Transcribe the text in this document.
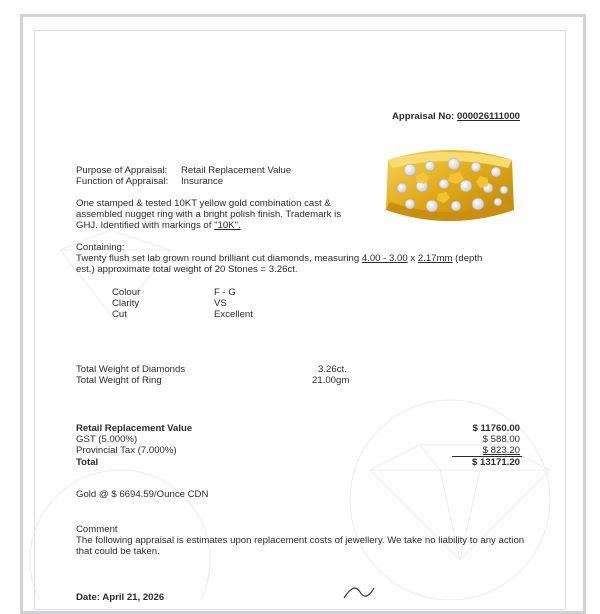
Appraisal No: 000026111000
Purpose of Appraisal: Retail Replacement Value
Function of Appraisal: Insurance
One stamped & tested 10KT yellow gold combination cast &
assembled nugget ring with a bright polish finish. Trademark is
GHJ. Identified with markings of "10K".
Containing:
Twenty flush set lab grown round brilliant cut diamonds, measuring 4.00 - 3.00 x 2.17mm (depth
est.) approximate total weight of 20 Stones = 3.26ct.
Colour	F - G
Clarity	VS
Cut	Excellent
Total Weight of Diamonds	3.26ct.
Total Weight of Ring	21.00gm
Retail Replacement Value	$ 11760.00
GST (5.000%)	$ 588.00
Provincial Tax (7.000%)	$ 823.20
Total	$ 13171.20
Gold @ $ 6694.59/Ounce CDN
Comment
The following appraisal is estimates upon replacement costs of jewellery. We take no liability to any action
that could be taken.
Date: April 21, 2026
